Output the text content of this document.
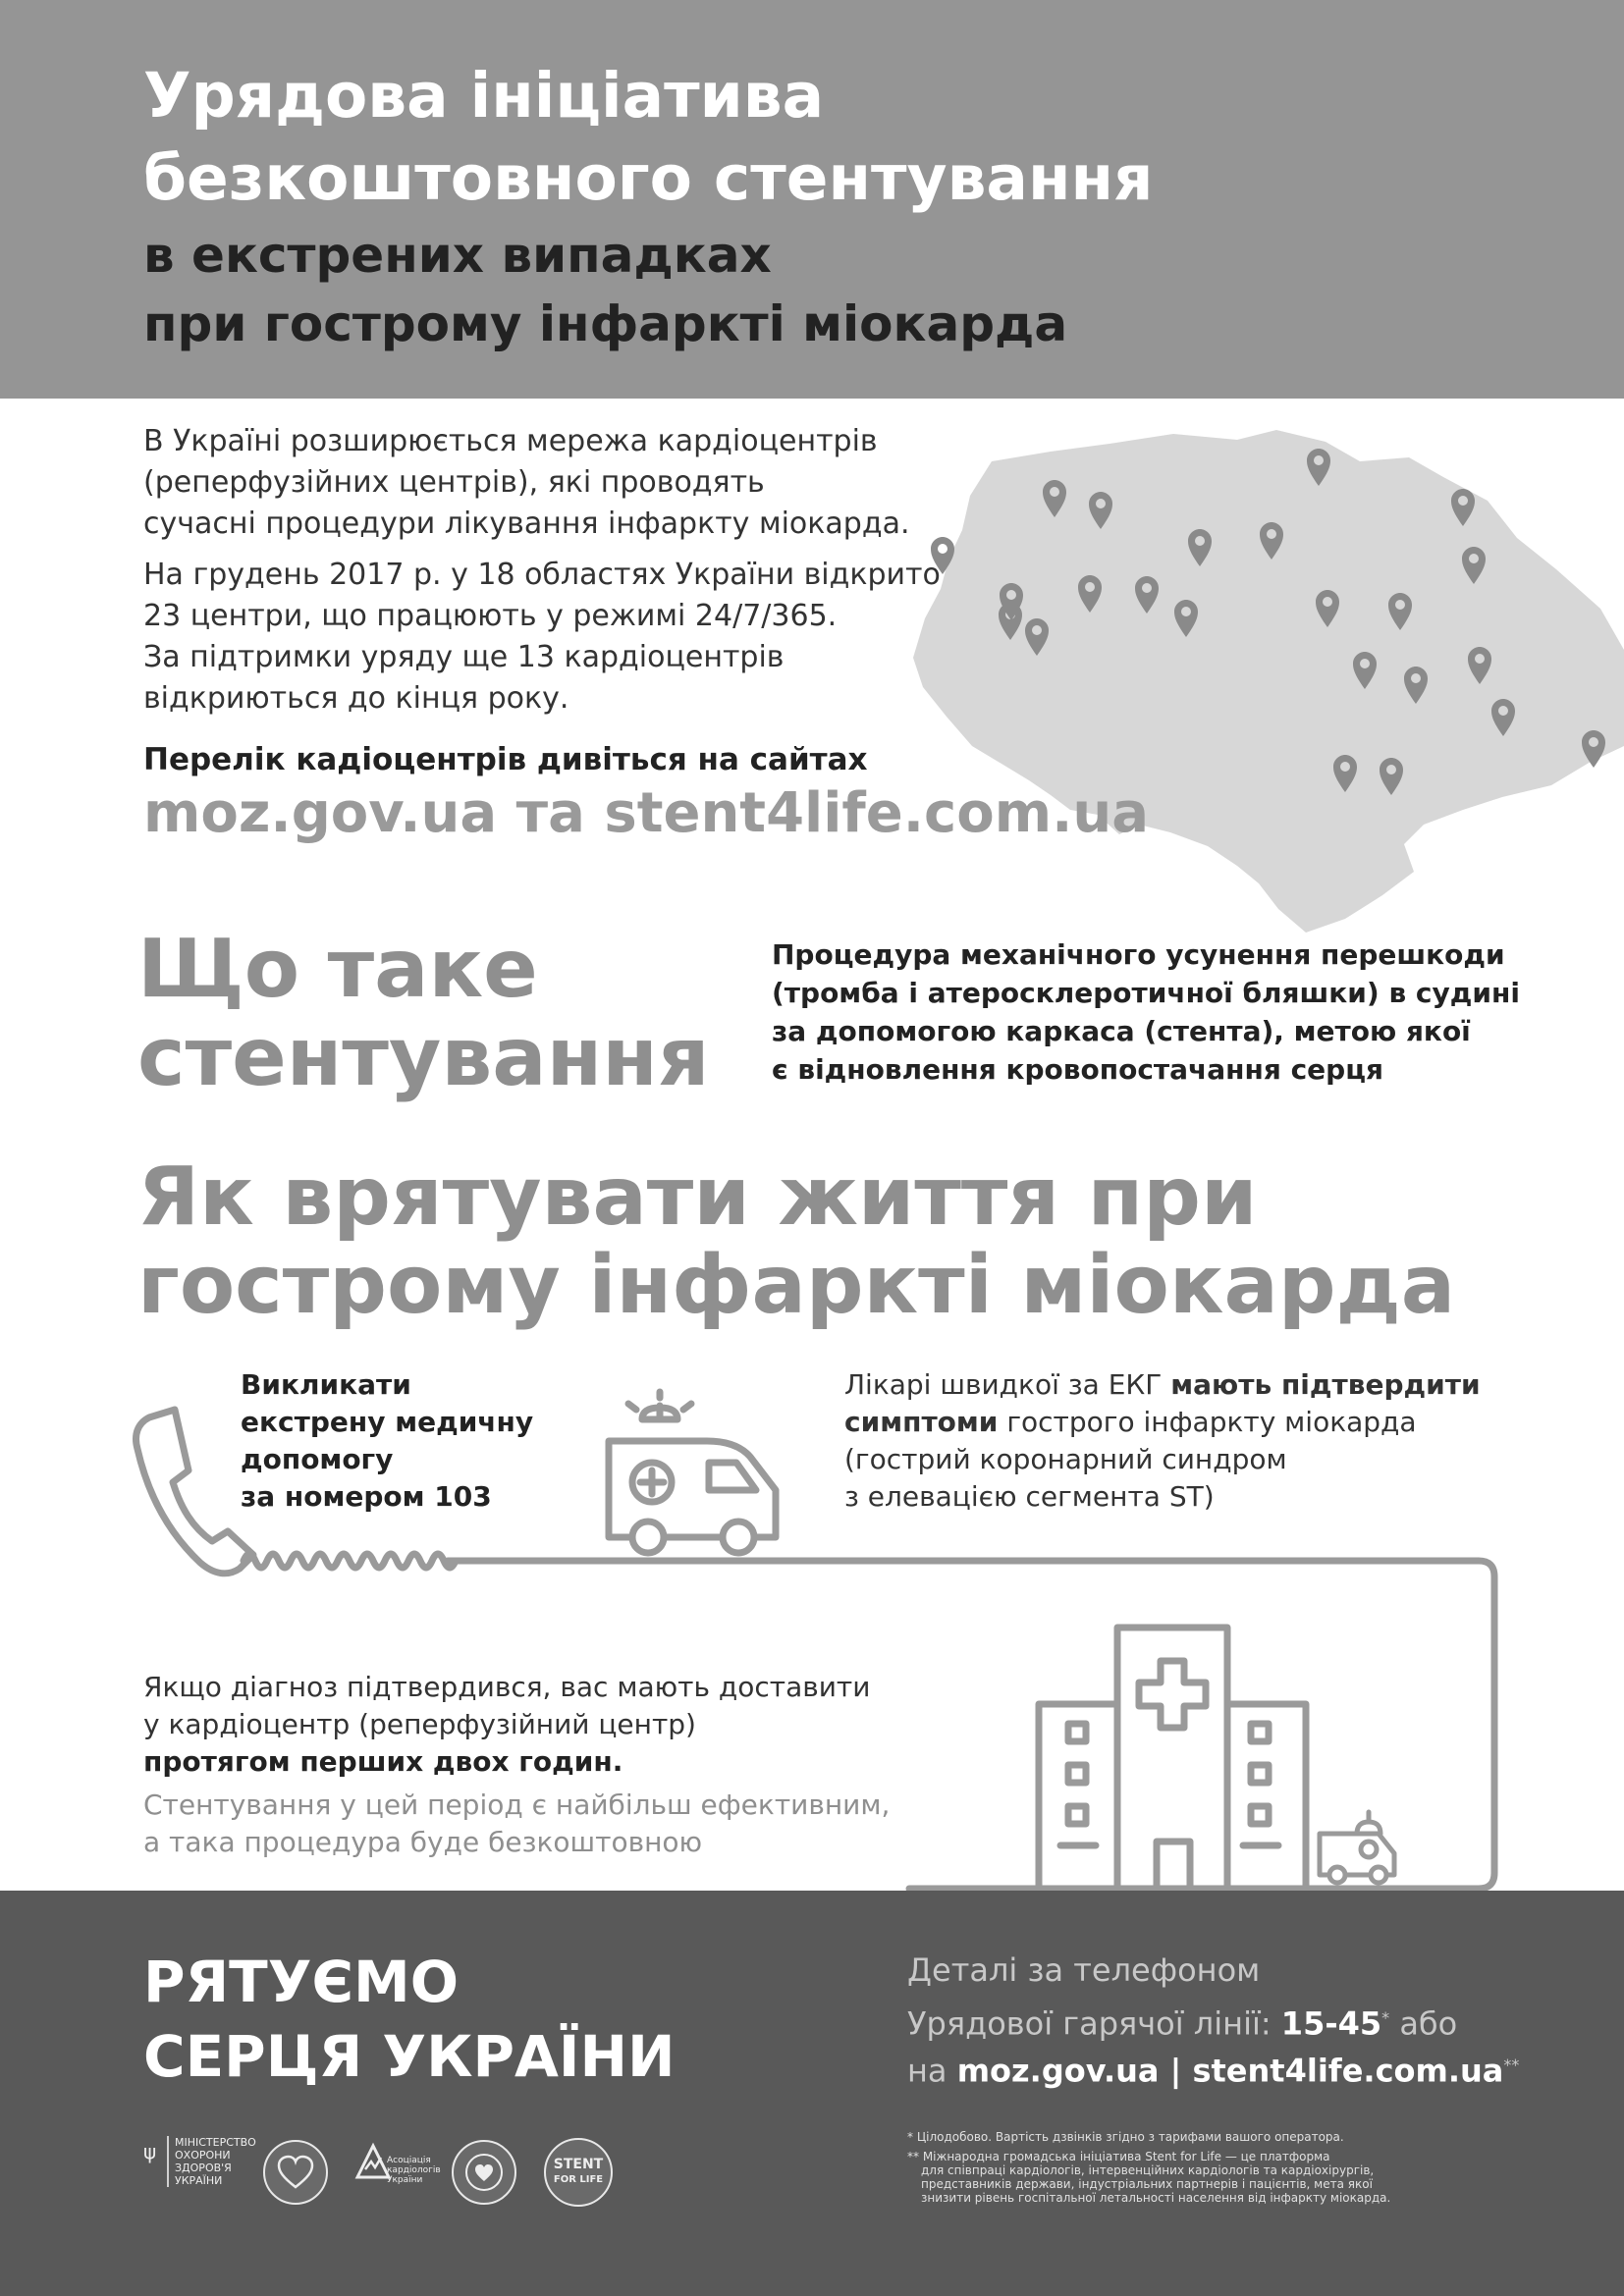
Урядова ініціатива
безкоштовного стентування
в екстрених випадках
при гострому інфаркті міокарда
В Україні розширюється мережа кардіоцентрів
(реперфузійних центрів), які проводять
сучасні процедури лікування інфаркту міокарда.
На грудень 2017 р. у 18 областях України відкрито
23 центри, що працюють у режимі 24/7/365.
За підтримки уряду ще 13 кардіоцентрів
відкриються до кінця року.
Перелік кадіоцентрів дивіться на сайтах
moz.gov.ua та stent4life.com.ua
Що таке
стентування
Процедура механічного усунення перешкоди
(тромба і атеросклеротичної бляшки) в судині
за допомогою каркаса (стента), метою якої
є відновлення кровопостачання серця
Як врятувати життя при
гострому інфаркті міокарда
Викликати
екстрену медичну
допомогу
за номером 103
Лікарі швидкої за ЕКГ мають підтвердити
симптоми гострого інфаркту міокарда
(гострий коронарний синдром
з елевацією сегмента ST)
Якщо діагноз підтвердився, вас мають доставити
у кардіоцентр (реперфузійний центр)
протягом перших двох годин.
Стентування у цей період є найбільш ефективним,
а така процедура буде безкоштовною
РЯТУЄМО
СЕРЦЯ УКРАЇНИ
Деталі за телефоном
Урядової гарячої лінії: 15-45* або
на moz.gov.ua | stent4life.com.ua**
* Цілодобово. Вартість дзвінків згідно з тарифами вашого оператора.
** Міжнародна громадська ініціатива Stent for Life — це платформа
для співпраці кардіологів, інтервенційних кардіологів та кардіохірургів,
представників держави, індустріальних партнерів і пацієнтів, мета якої
знизити рівень госпітальної летальності населення від інфаркту міокарда.
ψ МІНІСТЕРСТВО
ОХОРОНИ
ЗДОРОВ'Я
УКРАЇНИ
Асоціація
кардіологів
України
STENT
FOR LIFE
